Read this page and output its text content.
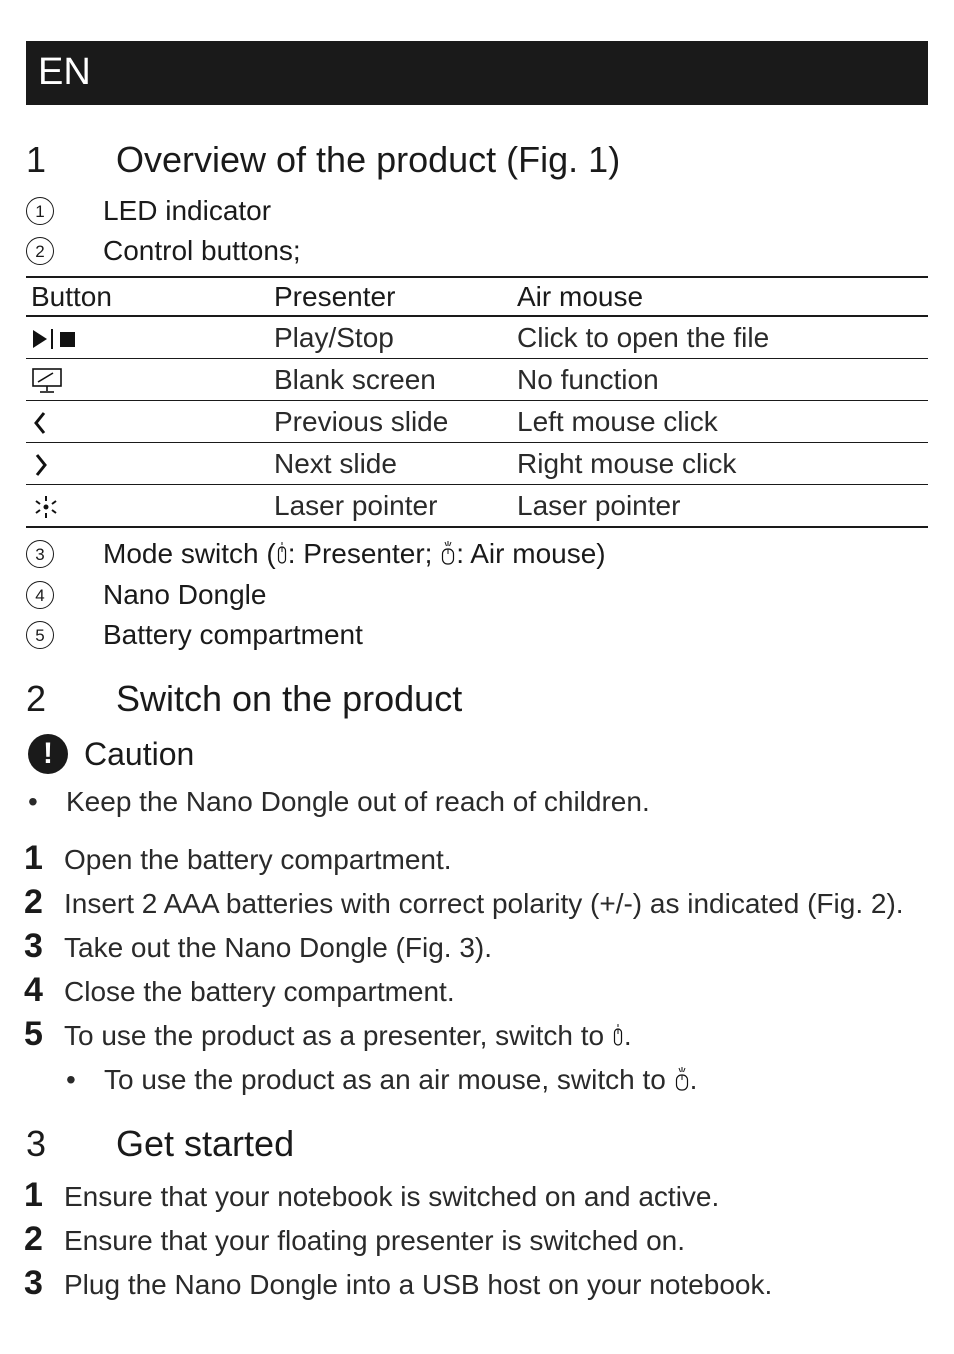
EN
1 Overview of the product (Fig. 1)
1	LED indicator
2	Control buttons;
Button	Presenter	Air mouse
	Play/Stop	Click to open the file
	Blank screen	No function
	Previous slide	Left mouse click
	Next slide	Right mouse click
	Laser pointer	Laser pointer
3	Mode switch ( : Presenter; : Air mouse)
4	Nano Dongle
5	Battery compartment
2 Switch on the product
! Caution
• Keep the Nano Dongle out of reach of children.
1 Open the battery compartment.
2 Insert 2 AAA batteries with correct polarity (+/-) as indicated (Fig. 2).
3 Take out the Nano Dongle (Fig. 3).
4 Close the battery compartment.
5 To use the product as a presenter, switch to .
• To use the product as an air mouse, switch to .
3 Get started
1 Ensure that your notebook is switched on and active.
2 Ensure that your floating presenter is switched on.
3 Plug the Nano Dongle into a USB host on your notebook.
